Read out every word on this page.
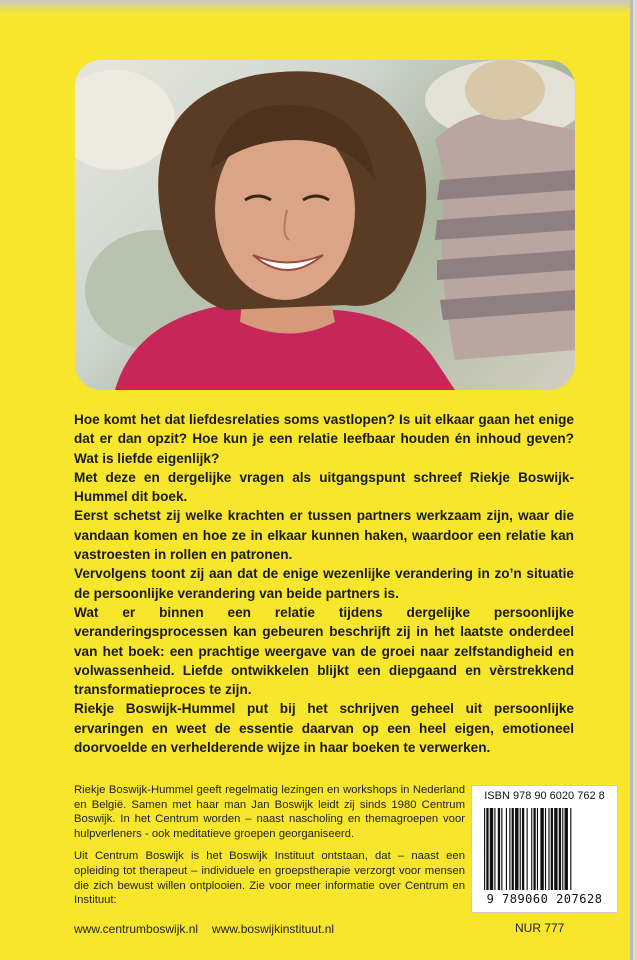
Hoe komt het dat liefdesrelaties soms vastlopen? Is uit elkaar gaan het enige dat er dan opzit? Hoe kun je een relatie leefbaar houden én inhoud geven? Wat is liefde eigenlijk?

Met deze en dergelijke vragen als uitgangspunt schreef Riekje Boswijk-Hummel dit boek.

Eerst schetst zij welke krachten er tussen partners werkzaam zijn, waar die vandaan komen en hoe ze in elkaar kunnen haken, waardoor een relatie kan vastroesten in rollen en patronen.

Vervolgens toont zij aan dat de enige wezenlijke verandering in zo’n situatie de persoonlijke verandering van beide partners is.

Wat er binnen een relatie tijdens dergelijke persoonlijke veranderingsprocessen kan gebeuren beschrijft zij in het laatste onderdeel van het boek: een prachtige weergave van de groei naar zelfstandigheid en volwassenheid. Liefde ontwikkelen blijkt een diepgaand en vèrstrekkend transformatieproces te zijn.

Riekje Boswijk-Hummel put bij het schrijven geheel uit persoonlijke ervaringen en weet de essentie daarvan op een heel eigen, emotioneel doorvoelde en verhelderende wijze in haar boeken te verwerken.

Riekje Boswijk-Hummel geeft regelmatig lezingen en workshops in Nederland en België. Samen met haar man Jan Boswijk leidt zij sinds 1980 Centrum Boswijk. In het Centrum worden – naast nascholing en themagroepen voor hulpverleners - ook meditatieve groepen georganiseerd.

Uit Centrum Boswijk is het Boswijk Instituut ontstaan, dat – naast een opleiding tot therapeut – individuele en groepstherapie verzorgt voor mensen die zich bewust willen ontplooien. Zie voor meer informatie over Centrum en Instituut:

www.centrumboswijk.nl www.boswijkinstituut.nl
ISBN 978 90 6020 762 8
9 789060 207628
NUR 777
